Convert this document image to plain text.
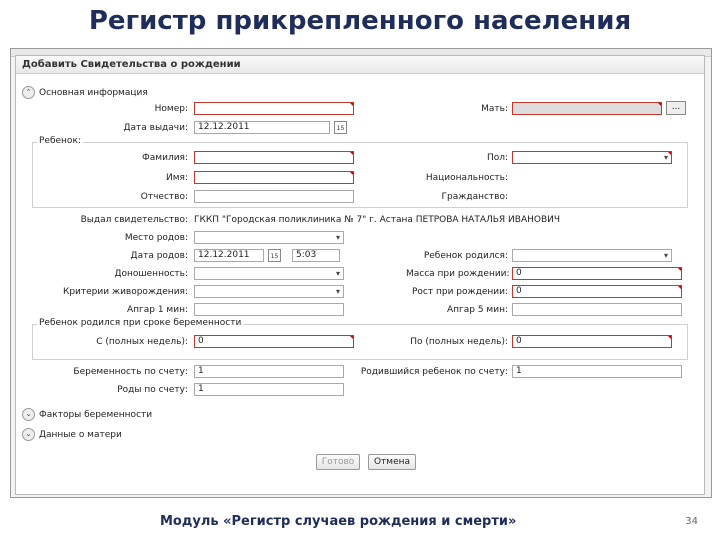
Регистр прикрепленного населения
Добавить Свидетельства о рождении
⌃ Основная информация
Номер:	Мать:	...
Дата выдачи:	12.12.2011	15
Ребенок:
Фамилия:	Пол:
▾
Имя:	Национальность:
Отчество:	Гражданство:
Выдал свидетельство: ГККП "Городская поликлиника № 7" г. Астана ПЕТРОВА НАТАЛЬЯ ИВАНОВИЧ
Место родов:
▾
Дата родов:	12.12.2011	15	5:03	Ребенок родился:
▾
Доношенность: ▾	Масса при рождении: 0
Критерии живорождения: ▾	Рост при рождении: 0
Апгар 1 мин:	Апгар 5 мин:
Ребенок родился при сроке беременности
С (полных недель):	0	По (полных недель): 0
Беременность по счету:	1	Родившийся ребенок по счету: 1
Роды по счету:	1
⌄ Факторы беременности
⌄ Данные о матери
Готово	Отмена
Модуль «Регистр случаев рождения и смерти»	34
